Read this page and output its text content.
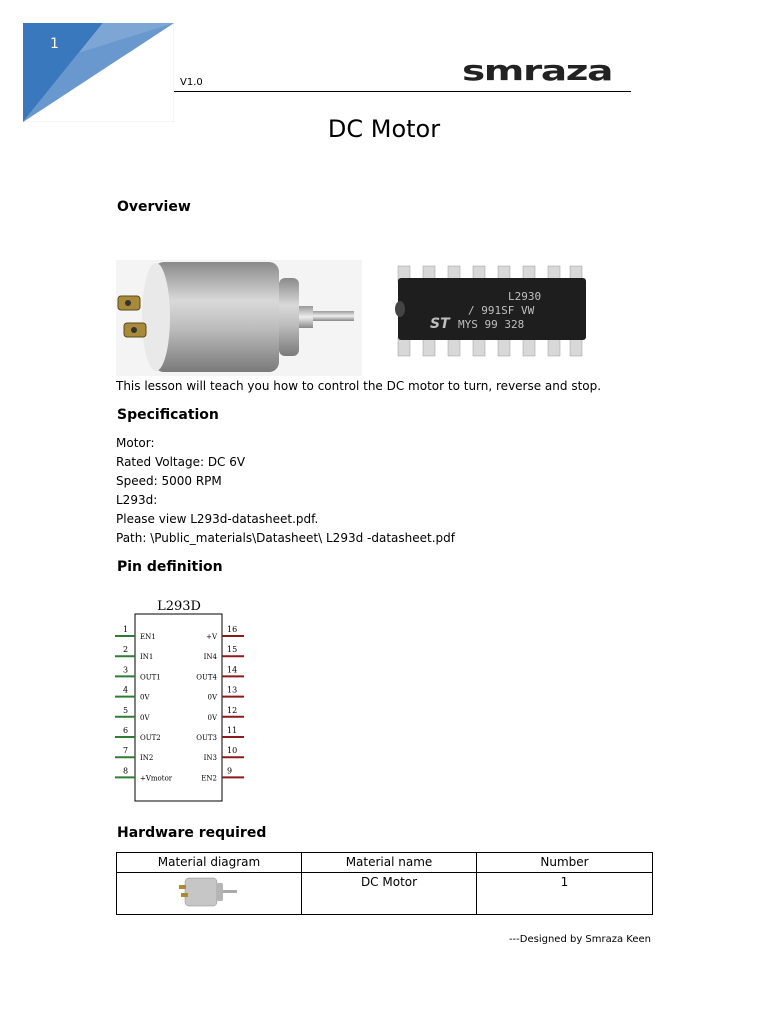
1
V1.0	smraza
DC Motor
Overview
L2930
/ 991SF VW
MYS 99 328
ST
This lesson will teach you how to control the DC motor to turn, reverse and stop.
Specification
Motor:
Rated Voltage: DC 6V
Speed: 5000 RPM
L293d:
Please view L293d-datasheet.pdf.
Path: \Public_materials\Datasheet\ L293d -datasheet.pdf
Pin definition
L293D
1
EN1
2
IN1
3
OUT1
4
0V
5
0V
6
OUT2
7
IN2
8
+Vmotor
16
+V
15
IN4
14
OUT4
13
0V
12
0V
11
OUT3
10
IN3
9
EN2
Hardware required
Material diagram	Material name	Number
	DC Motor	1
---Designed by Smraza Keen
